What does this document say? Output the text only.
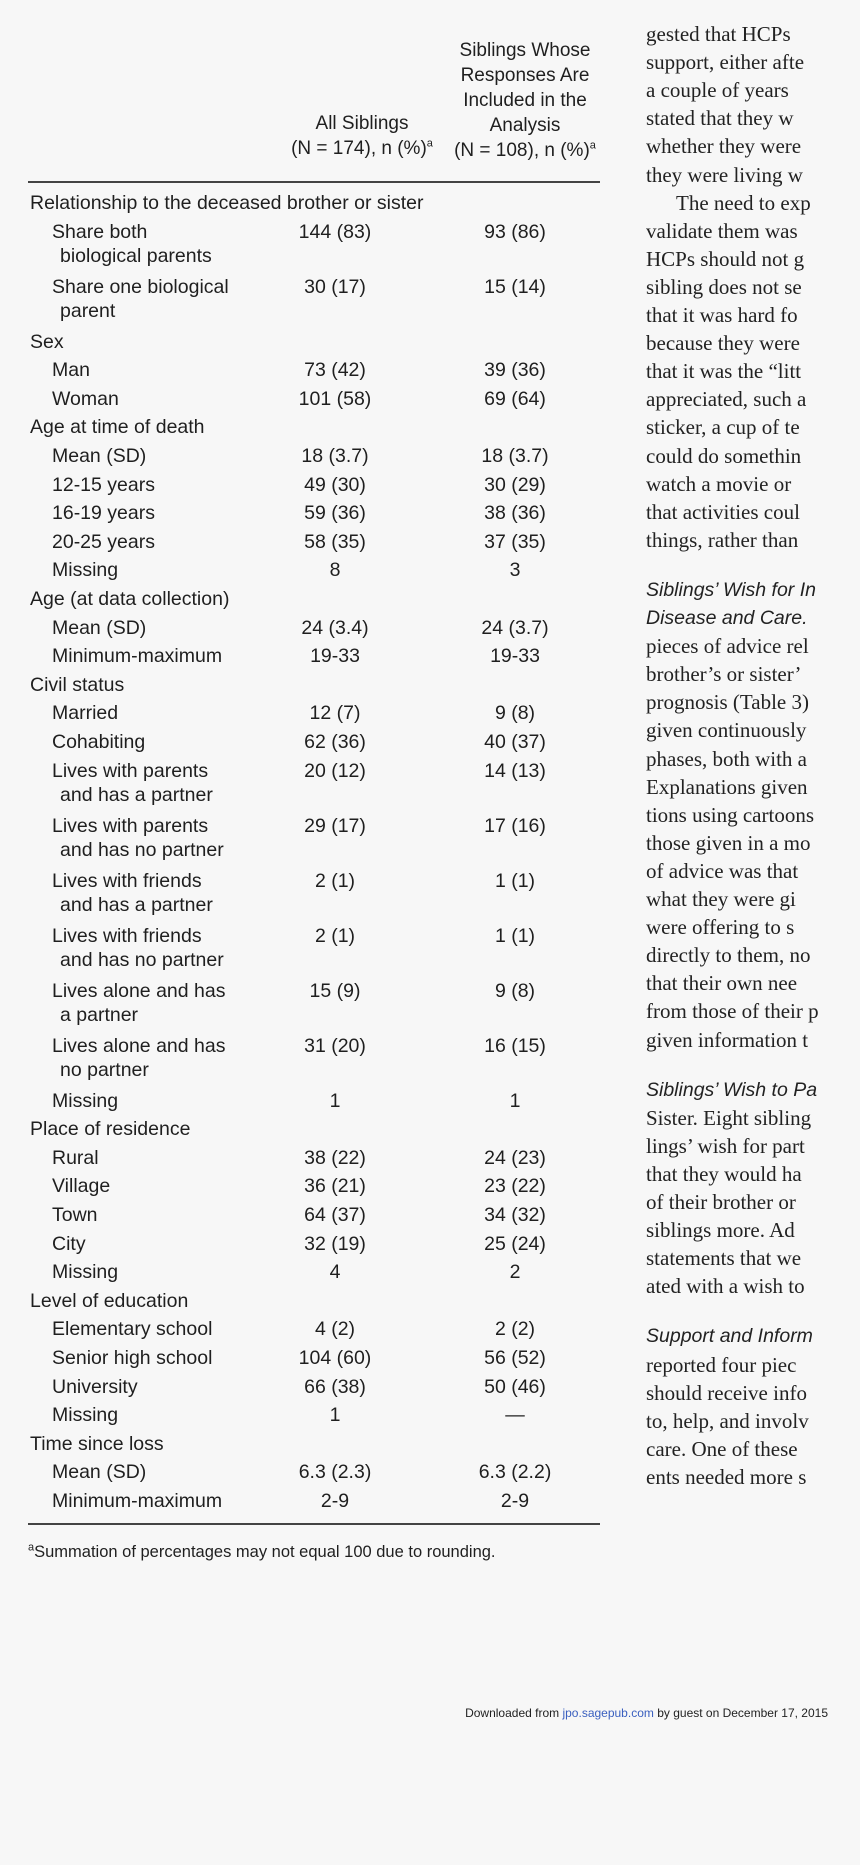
All Siblings
(N = 174), n (%)$^a$
Siblings Whose
Responses Are
Included in the
Analysis
(N = 108), n (%)$^a$
Relationship to the deceased brother or sister
Share both	144 (83)	93 (86)
biological parents
Share one biological	30 (17)	15 (14)
parent
Sex
Man	73 (42)	39 (36)
Woman	101 (58)	69 (64)
Age at time of death
Mean (SD)	18 (3.7)	18 (3.7)
12-15 years	49 (30)	30 (29)
16-19 years	59 (36)	38 (36)
20-25 years	58 (35)	37 (35)
Missing	8	3
Age (at data collection)
Mean (SD)	24 (3.4)	24 (3.7)
Minimum-maximum	19-33	19-33
Civil status
Married	12 (7)	9 (8)
Cohabiting	62 (36)	40 (37)
Lives with parents	20 (12)	14 (13)
and has a partner
Lives with parents	29 (17)	17 (16)
and has no partner
Lives with friends	2 (1)	1 (1)
and has a partner
Lives with friends	2 (1)	1 (1)
and has no partner
Lives alone and has	15 (9)	9 (8)
a partner
Lives alone and has	31 (20)	16 (15)
no partner
Missing	1	1
Place of residence
Rural	38 (22)	24 (23)
Village	36 (21)	23 (22)
Town	64 (37)	34 (32)
City	32 (19)	25 (24)
Missing	4	2
Level of education
Elementary school	4 (2)	2 (2)
Senior high school	104 (60)	56 (52)
University	66 (38)	50 (46)
Missing	1	—
Time since loss
Mean (SD)	6.3 (2.3)	6.3 (2.2)
Minimum-maximum	2-9	2-9
$^a$Summation of percentages may not equal 100 due to rounding.
gested that HCPs
support, either afte
a couple of years
stated that they w
whether they were
they were living w
The need to exp
validate them was
HCPs should not g
sibling does not se
that it was hard fo
because they were
that it was the “litt
appreciated, such a
sticker, a cup of te
could do somethin
watch a movie or
that activities coul
things, rather than
Siblings’ Wish for In
Disease and Care.
pieces of advice rel
brother’s or sister’
prognosis (Table 3)
given continuously
phases, both with a
Explanations given
tions using cartoons
those given in a mo
of advice was that
what they were gi
were offering to s
directly to them, no
that their own nee
from those of their p
given information t
Siblings’ Wish to Pa
Sister. Eight sibling
lings’ wish for part
that they would ha
of their brother or
siblings more. Ad
statements that we
ated with a wish to
Support and Inform
reported four piec
should receive info
to, help, and involv
care. One of these
ents needed more s
Downloaded from jpo.sagepub.com by guest on December 17, 2015
